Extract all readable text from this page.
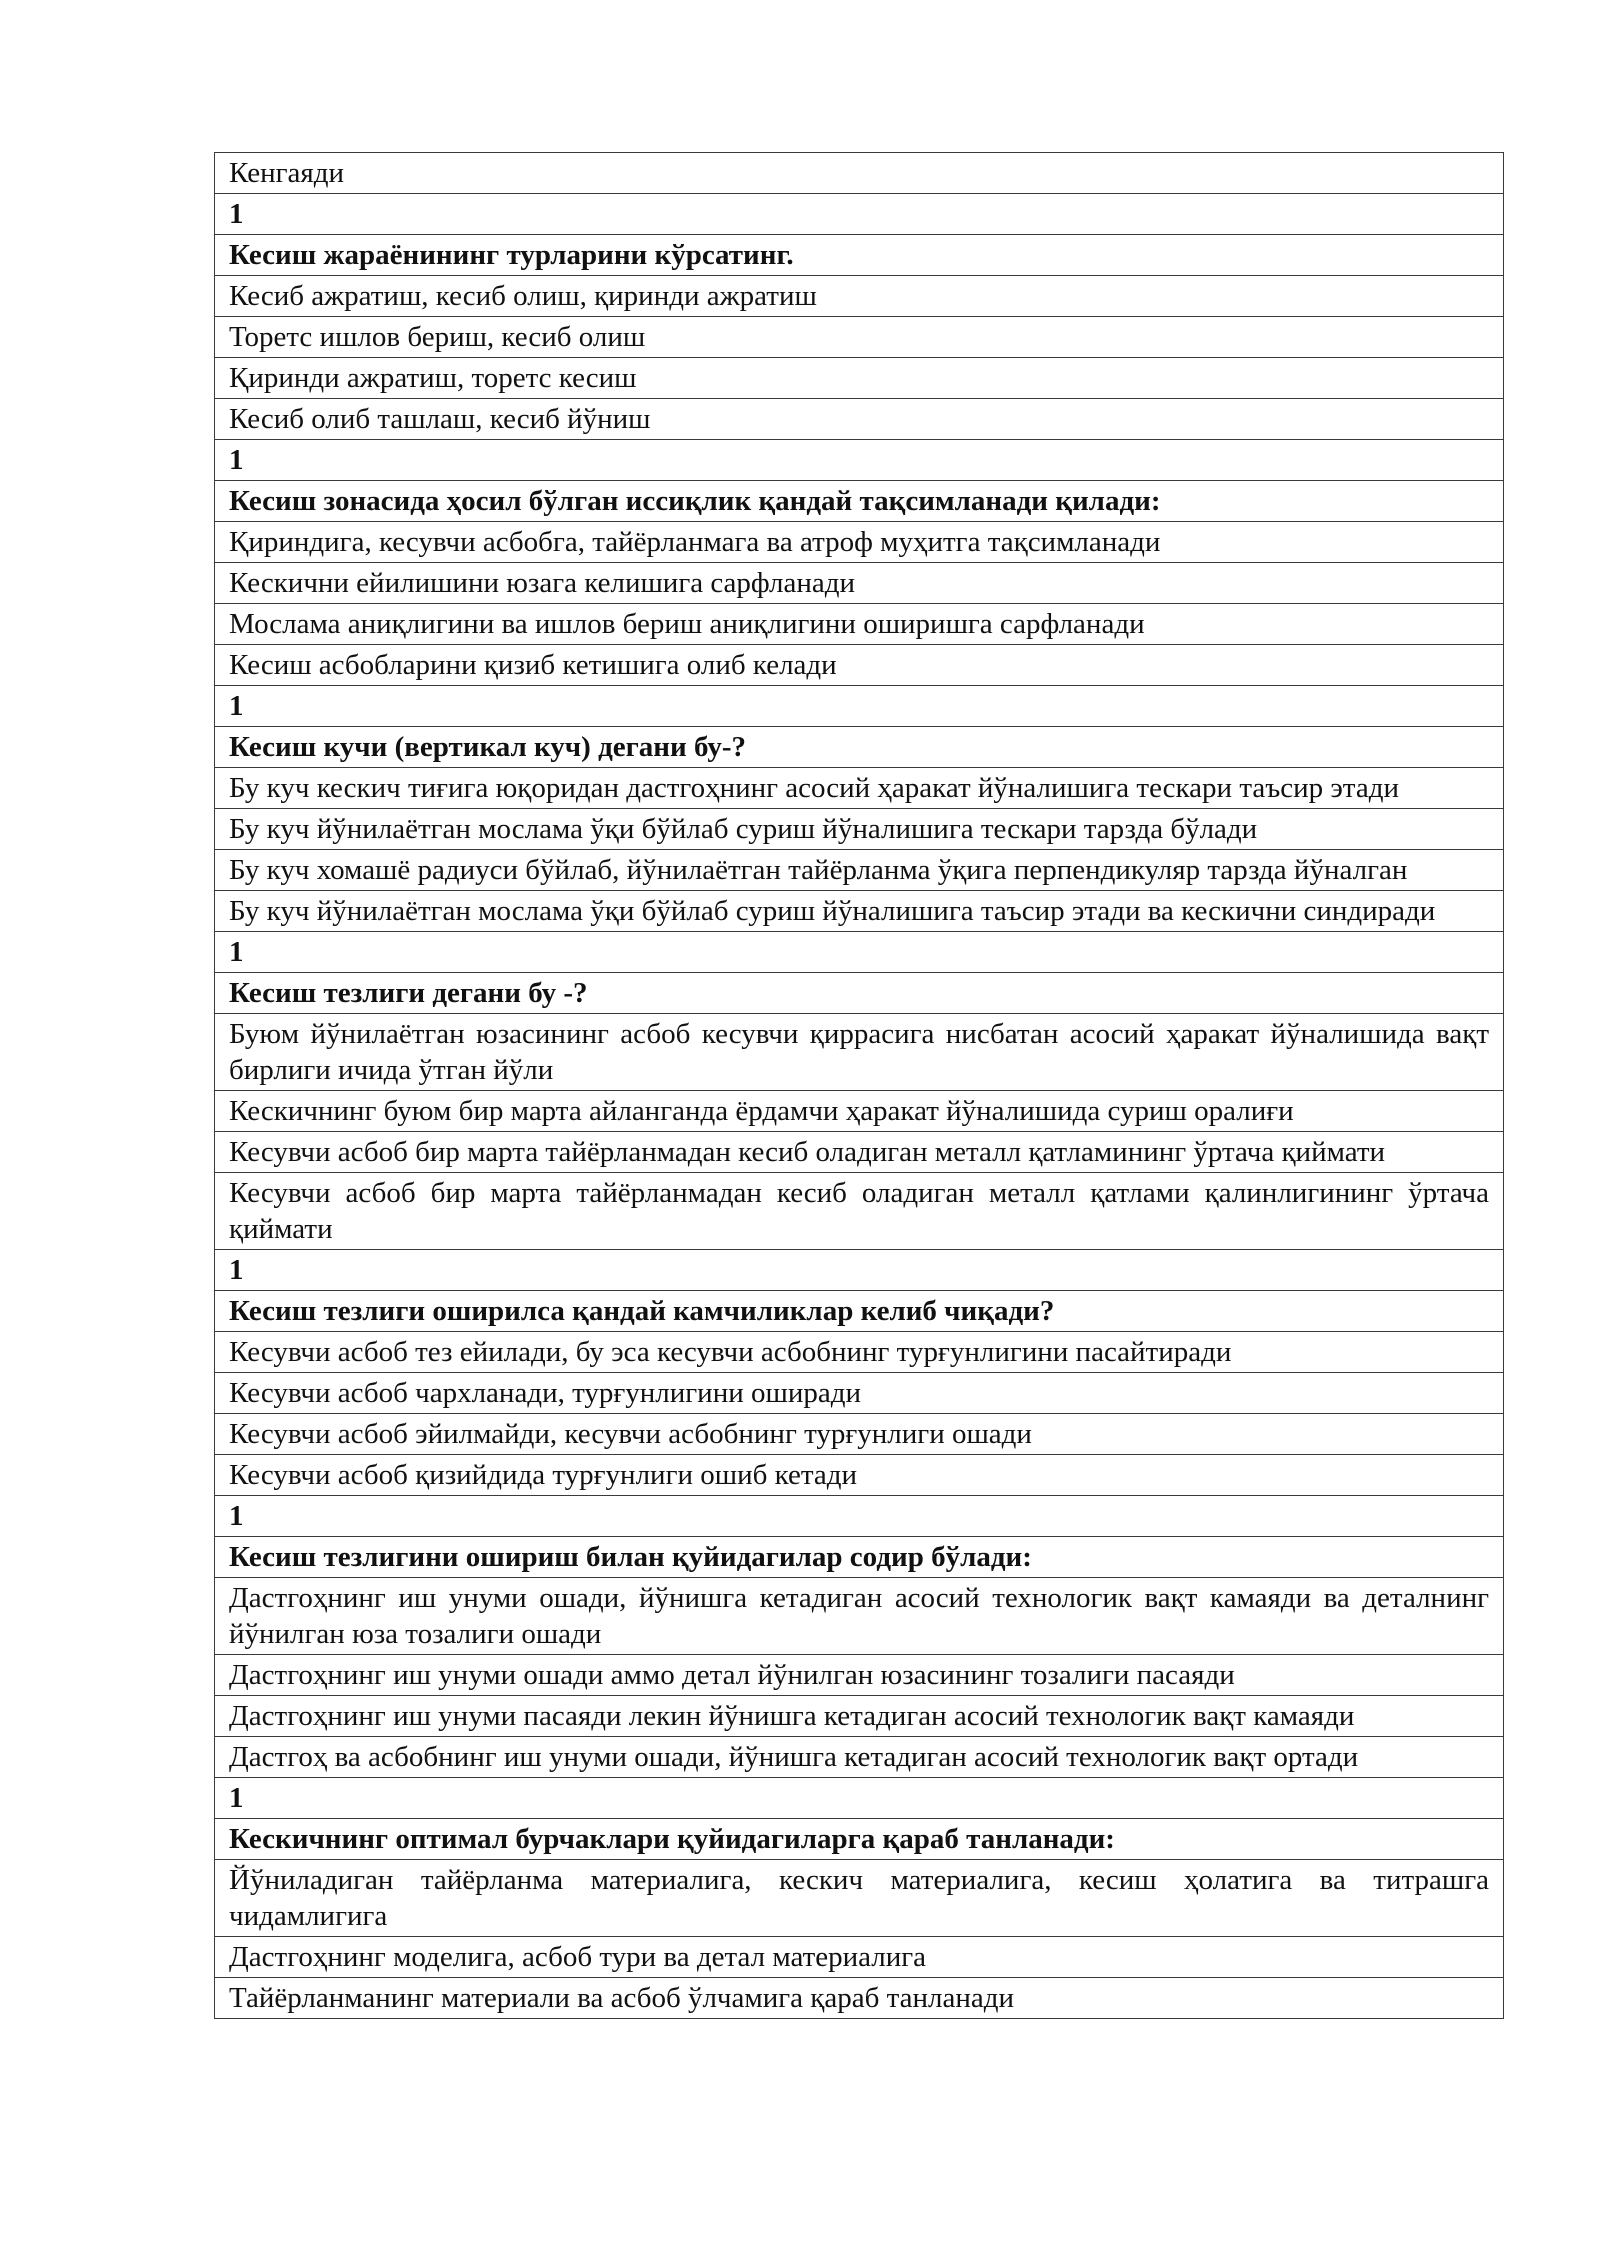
Кенгаяди
1
Кесиш жараёнининг турларини кўрсатинг.
Кесиб ажратиш, кесиб олиш, қиринди ажратиш
Торетс ишлов бериш, кесиб олиш
Қиринди ажратиш, торетс кесиш
Кесиб олиб ташлаш, кесиб йўниш
1
Кесиш зонасида ҳосил бўлган иссиқлик қандай тақсимланади қилади:
Қириндига, кесувчи асбобга, тайёрланмага ва атроф муҳитга тақсимланади
Кескични ейилишини юзага келишига сарфланади
Мослама аниқлигини ва ишлов бериш аниқлигини оширишга сарфланади
Кесиш асбобларини қизиб кетишига олиб келади
1
Кесиш кучи (вертикал куч) дегани бу-?
Бу куч кескич тиғига юқоридан дастгоҳнинг асосий ҳаракат йўналишига тескари таъсир этади
Бу куч йўнилаётган мослама ўқи бўйлаб суриш йўналишига тескари тарзда бўлади
Бу куч хомашё радиуси бўйлаб, йўнилаётган тайёрланма ўқига перпендикуляр тарзда йўналган
Бу куч йўнилаётган мослама ўқи бўйлаб суриш йўналишига таъсир этади ва кескични синдиради
1
Кесиш тезлиги дегани бу -?
Буюм йўнилаётган юзасининг асбоб кесувчи қиррасига нисбатан асосий ҳаракат йўналишида вақт бирлиги ичида ўтган йўли
Кескичнинг буюм бир марта айланганда ёрдамчи ҳаракат йўналишида суриш оралиғи
Кесувчи асбоб бир марта тайёрланмадан кесиб оладиган металл қатламининг ўртача қиймати
Кесувчи асбоб бир марта тайёрланмадан кесиб оладиган металл қатлами қалинлигининг ўртача қиймати
1
Кесиш тезлиги оширилса қандай камчиликлар келиб чиқади?
Кесувчи асбоб тез ейилади, бу эса кесувчи асбобнинг турғунлигини пасайтиради
Кесувчи асбоб чархланади, турғунлигини оширади
Кесувчи асбоб эйилмайди, кесувчи асбобнинг турғунлиги ошади
Кесувчи асбоб қизийдида турғунлиги ошиб кетади
1
Кесиш тезлигини ошириш билан қуйидагилар содир бўлади:
Дастгоҳнинг иш унуми ошади, йўнишга кетадиган асосий технологик вақт камаяди ва деталнинг йўнилган юза тозалиги ошади
Дастгоҳнинг иш унуми ошади аммо детал йўнилган юзасининг тозалиги пасаяди
Дастгоҳнинг иш унуми пасаяди лекин йўнишга кетадиган асосий технологик вақт камаяди
Дастгоҳ ва асбобнинг иш унуми ошади, йўнишга кетадиган асосий технологик вақт ортади
1
Кескичнинг оптимал бурчаклари қуйидагиларга қараб танланади:
Йўниладиган тайёрланма материалига, кескич материалига, кесиш ҳолатига ва титрашга чидамлигига
Дастгоҳнинг моделига, асбоб тури ва детал материалига
Тайёрланманинг материали ва асбоб ўлчамига қараб танланади
